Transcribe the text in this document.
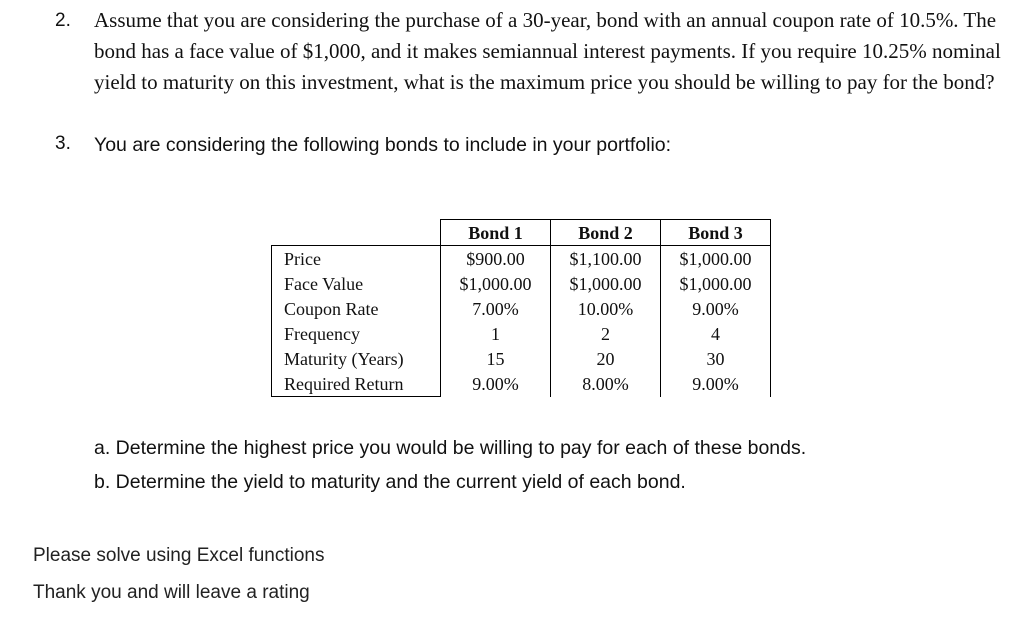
2. Assume that you are considering the purchase of a 30-year, bond with an annual coupon rate of 10.5%. The bond has a face value of $1,000, and it makes semiannual interest payments. If you require 10.25% nominal yield to maturity on this investment, what is the maximum price you should be willing to pay for the bond?
3. You are considering the following bonds to include in your portfolio:
	Bond 1	Bond 2	Bond 3
Price	$900.00	$1,100.00	$1,000.00
Face Value	$1,000.00	$1,000.00	$1,000.00
Coupon Rate	7.00%	10.00%	9.00%
Frequency	1	2	4
Maturity (Years)	15	20	30
Required Return	9.00%	8.00%	9.00%
a. Determine the highest price you would be willing to pay for each of these bonds.
b. Determine the yield to maturity and the current yield of each bond.
Please solve using Excel functions
Thank you and will leave a rating
